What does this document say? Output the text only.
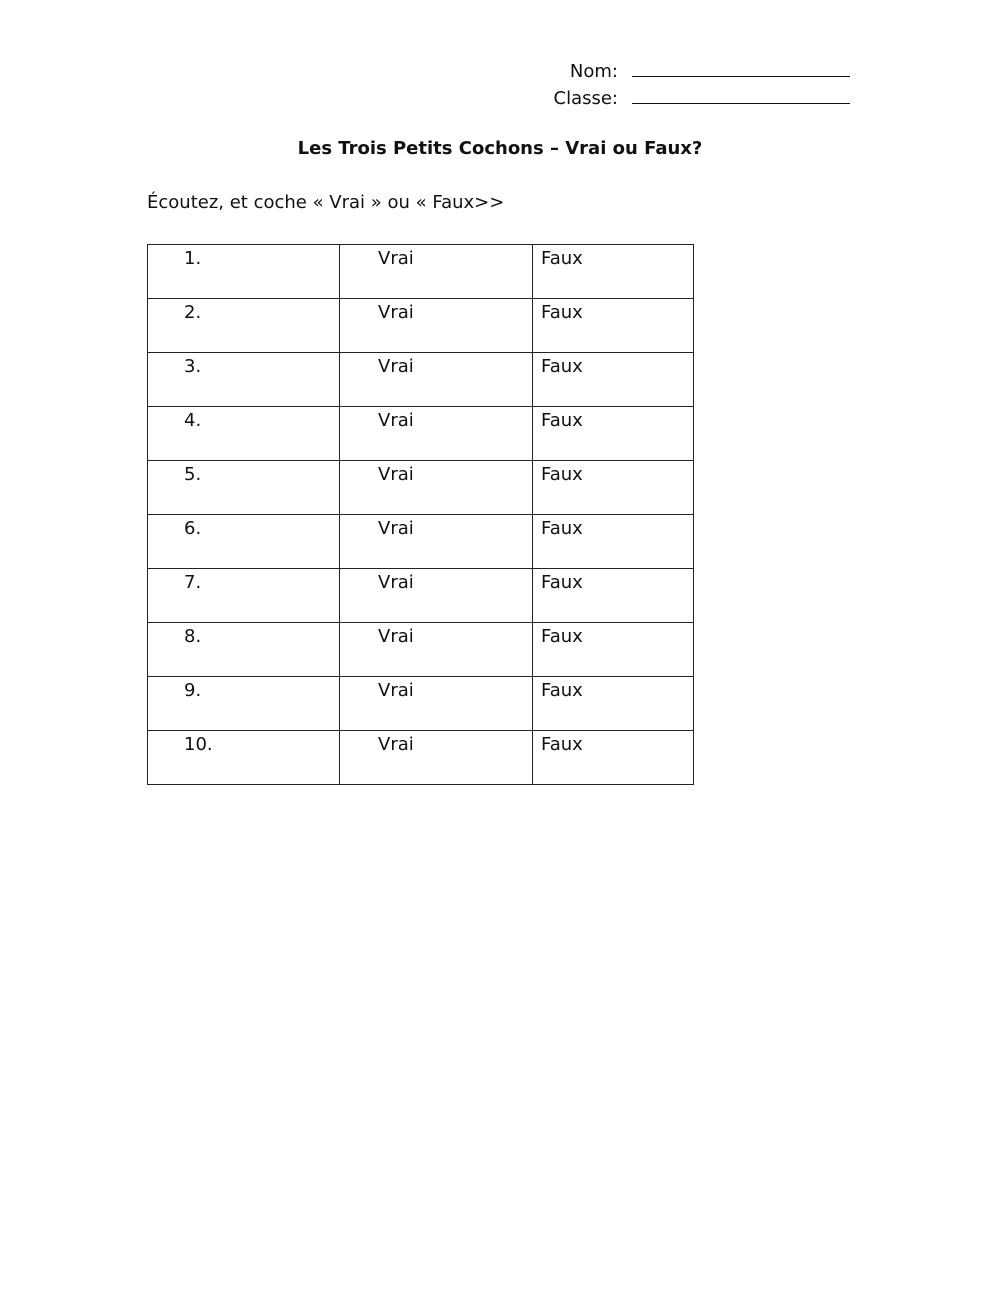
Nom:
Classe:
Les Trois Petits Cochons – Vrai ou Faux?
Écoutez, et coche « Vrai » ou « Faux>>
1.	Vrai	Faux
2.	Vrai	Faux
3.	Vrai	Faux
4.	Vrai	Faux
5.	Vrai	Faux
6.	Vrai	Faux
7.	Vrai	Faux
8.	Vrai	Faux
9.	Vrai	Faux
10.	Vrai	Faux
